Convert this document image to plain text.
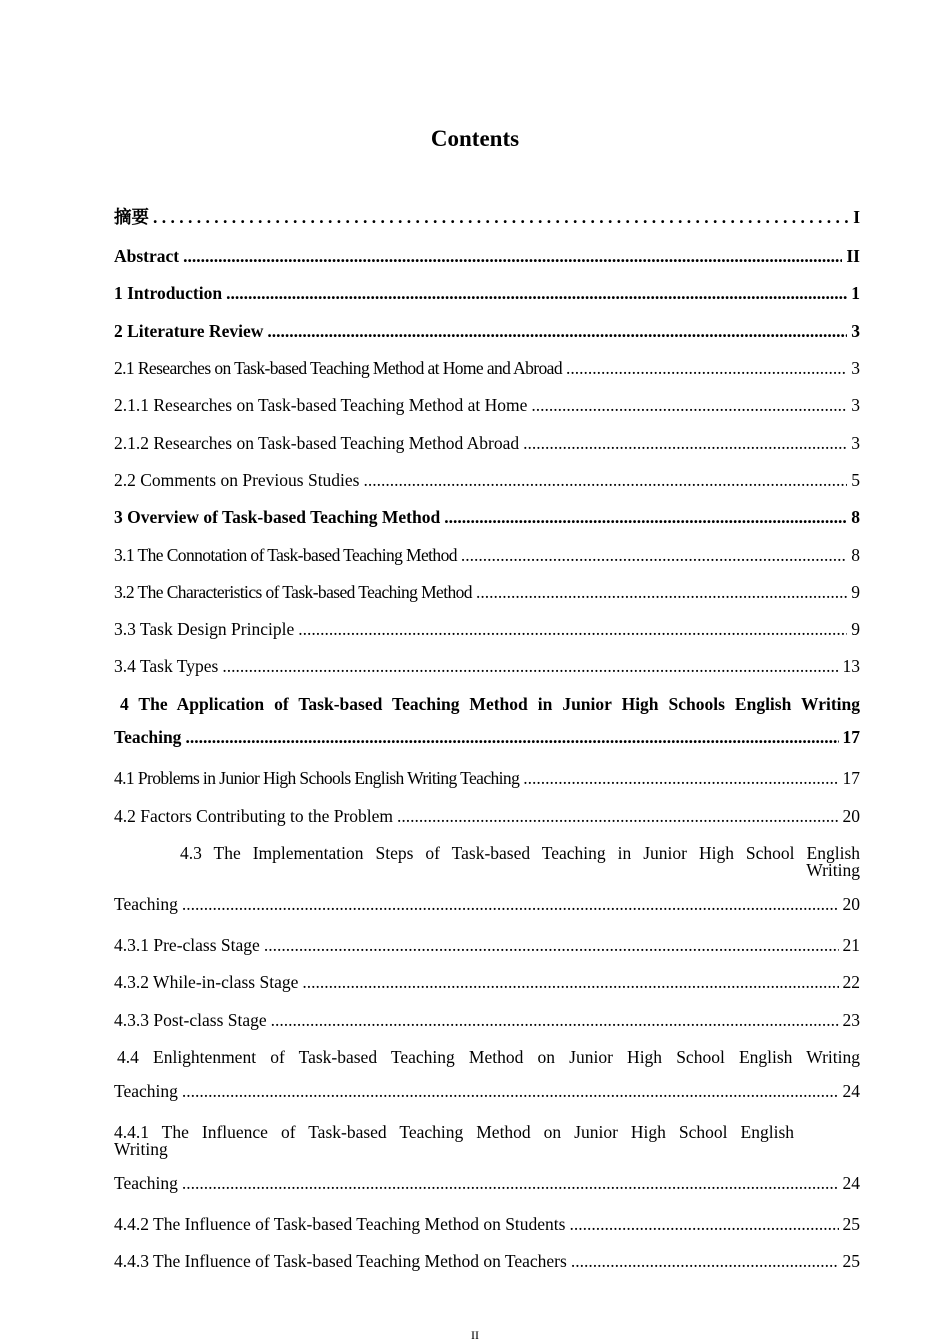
Contents
摘要 . . .	I
Abstract .....	II
1 Introduction .....	1
2 Literature Review .....	3
2.1 Researches on Task-based Teaching Method at Home and Abroad .....	3
2.1.1 Researches on Task-based Teaching Method at Home .....	3
2.1.2 Researches on Task-based Teaching Method Abroad .....	3
2.2 Comments on Previous Studies .....	5
3 Overview of Task-based Teaching Method .....	8
3.1 The Connotation of Task-based Teaching Method .....	8
3.2 The Characteristics of Task-based Teaching Method .....	9
3.3 Task Design Principle .....	9
3.4 Task Types .....	13
4 The Application of Task-based Teaching Method in Junior High Schools English Writing
Teaching .....	17
4.1 Problems in Junior High Schools English Writing Teaching .....	17
4.2 Factors Contributing to the Problem .....	20
4.3 The Implementation Steps of Task-based Teaching in Junior High School English
Writing
Teaching .....	20
4.3.1 Pre-class Stage .....	21
4.3.2 While-in-class Stage .....	22
4.3.3 Post-class Stage .....	23
4.4 Enlightenment of Task-based Teaching Method on Junior High School English Writing
Teaching .....	24
4.4.1 The Influence of Task-based Teaching Method on Junior High School English
Writing
Teaching .....	24
4.4.2 The Influence of Task-based Teaching Method on Students .....	25
4.4.3 The Influence of Task-based Teaching Method on Teachers .....	25
II
